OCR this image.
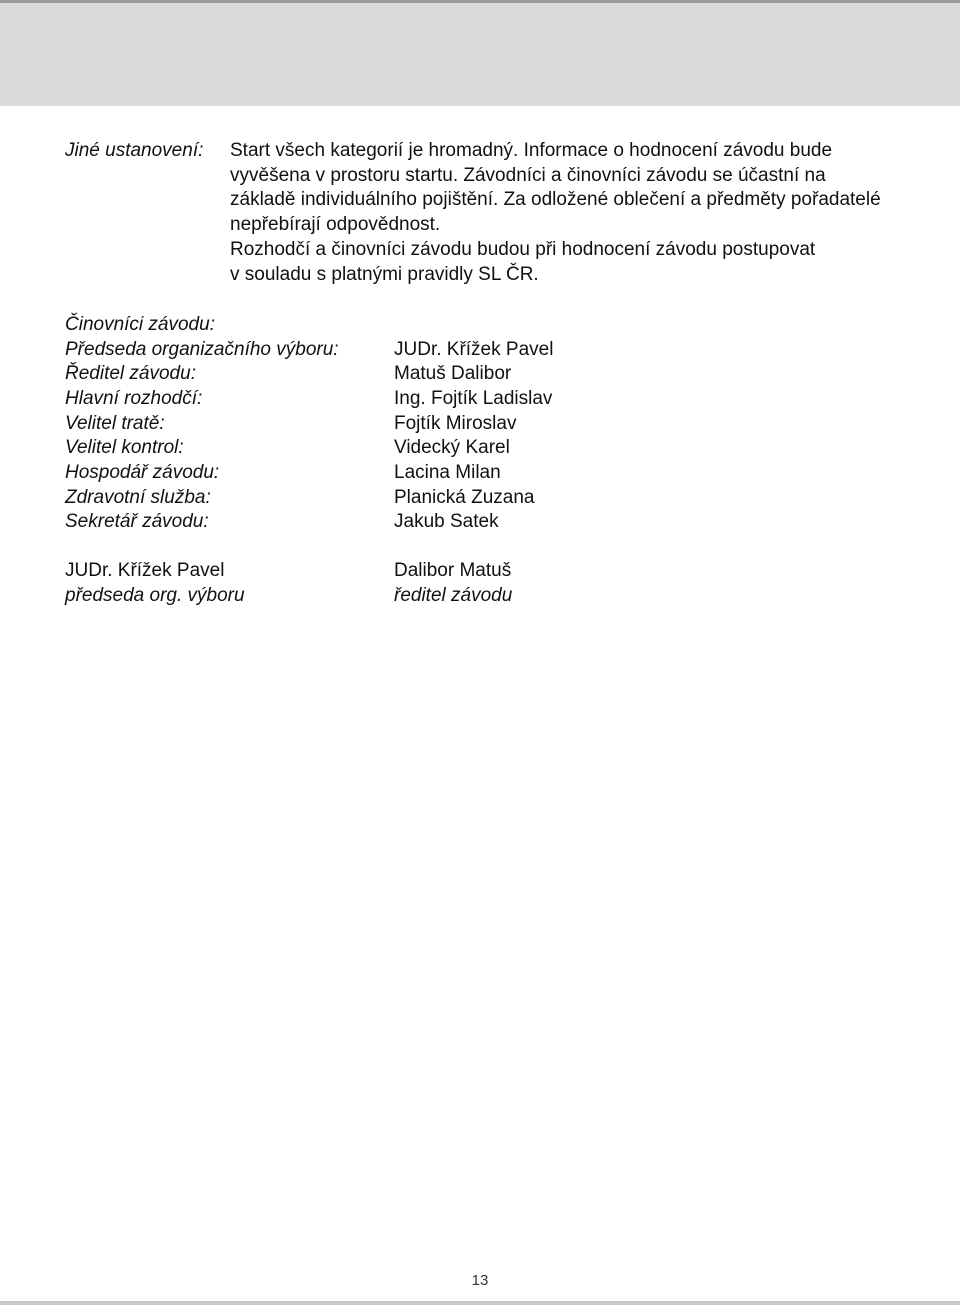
Jiné ustanovení:	Start všech kategorií je hromadný. Informace o hodnocení závodu bude

vyvěšena v prostoru startu. Závodníci a činovníci závodu se účastní na

základě individuálního pojištění. Za odložené oblečení a předměty pořadatelé

nepřebírají odpovědnost.

Rozhodčí a činovníci závodu budou při hodnocení závodu postupovat

v souladu s platnými pravidly SL ČR.

Činovníci závodu:
Předseda organizačního výboru:
Ředitel závodu:
Hlavní rozhodčí:
Velitel tratě:
Velitel kontrol:
Hospodář závodu:
Zdravotní služba:
Sekretář závodu:
JUDr. Křížek Pavel
Matuš Dalibor
Ing. Fojtík Ladislav
Fojtík Miroslav
Videcký Karel
Lacina Milan
Planická Zuzana
Jakub Satek
JUDr. Křížek Pavel
předseda org. výboru
Dalibor Matuš
ředitel závodu
13
